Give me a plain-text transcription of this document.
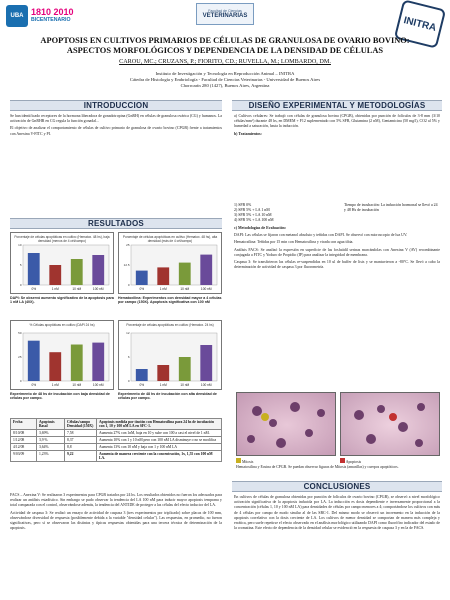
UBA 1810 2010
BICENTENARIO
Facultad de Ciencias
VETERINARIAS	INITRA
APOPTOSIS EN CULTIVOS PRIMARIOS DE CÉLULAS DE GRANULOSA DE OVARIO BOVINO: ASPECTOS MORFOLÓGICOS Y DEPENDENCIA DE LA DENSIDAD DE CÉLULAS
CAROU, MC.; CRUZANS, P.; FIORITO, CD.; RUVELLA, M.; LOMBARDO, DM.
Instituto de Investigación y Tecnología en Reproducción Animal – INITRA
Cátedra de Histología y Embriología - Facultad de Ciencias Veterinarias - Universidad de Buenos Aires
Chorroarín 280 (1427), Buenos Aires, Argentina
INTRODUCCION	DISEÑO EXPERIMENTAL Y METODOLOGÍAS
RESULTADOS
CONCLUSIONES

Se han identificado receptores de la hormona liberadora de gonadotropina (GnRH) en células de granulosa ovárica (CG) y humanos. La activación de GnRHR en CG regula la función gonadal...

El objetivo de analizar el comportamiento de células de cultivo primario de granulosa de ovario bovino (CPGB) frente a tratamientos con Anexina V-FITC y PI.

a) Cultivos celulares: Se trabajó con células de granulosa bovina (CPGB), obtenidas por punción de folículos de 3-8 mm (3/10 células/mm²) durante 48 hs, en DMEM + F12 suplementado con 5% SFB, Glutamina (2 nM), Gentamicina (50 mg/l), CO2 al 5% y humedad a saturación, hasta la inducción.

b) Tratamientos:

1) SFB 0%
2) SFB 5% + LA 1 nM
3) SFB 5% + LA 10 nM
4) SFB 5% + LA 100 nM
Tiempo de incubación: La inducción hormonal se llevó a 24 y 48 Hs de incubación

c) Metodologías de Evaluación:

DAPI: Las células se fijaron con metanol absoluto y teñidas con DAPI. Se observó con microscopio de luz UV.

Hematoxilina: Teñidas por 15 min con Hematoxilina y virada con agua tibia.

Análisis FACS: Se analizó la expresión en superficie de las fosfatidil serinas marcándolas con Anexina V (AV) recombinante conjugada a FITC y Yoduro de Propidio (IP) para analizar la integridad de membrana.

Caspasa 3: Se transfirieron las células re-suspendidas en 10 ul de buffer de lisis y se mantuvieron a -80°C. Se llevó a cabo la determinación de actividad de caspasa 3 por fluorometría.

Mitosis	Apoptosis
Hematoxilina y Eosina de CPGB. Se puedan observar figuras de Mitosis (amarillas) y cuerpos apoptóticos.
Porcentaje de células apoptóticas en cultivo (Hematox. 48 hs), baja densidad (menos de 4 cél/campo)
0
5
10
0%	1 nM	10 nM	100 nM
Porcentaje de células apoptóticas en cultivo (Hematox. 48 hs), alta densidad (más de 4 cél/campo)
0
12.5
25
0%	1 nM	10 nM	100 nM
DAPI: Se observó aumento significativo de la apoptosis para 1 nM LA (40X).
Hematoxilina: Experimentos con densidad mayor a 4 células por campo (150X). Apoptosis significativa con 100 nM
% Células apoptóticas en cultivo (DAPI 24 hs)
0
25
50
0%	1 nM	10 nM	100 nM
Porcentaje de células apoptóticas en cultivo (Hematox. 24 hs)
0
6
12
0%	1 nM	10 nM	100 nM
Experimento de 48 hs de incubación con baja densidad de células por campo.
Experimento de 48 hs de incubación con alta densidad de células por campo.
Fecha	Apoptosis Basal	Células/campo Densidad (150X)	Apoptosis medida por tinción con Hematoxilina para 24 hs de incubación con 1, 10 y 100 nM LA en SFC-1.
8/10/08	3,69%	7,58	Aumenta 27% con 1nM, baja en 10 y sube con 100 a casi el nivel de 1 nM.
1/12/08	3,9 %	8,37	Aumenta 10% con 1 y 10 nM pero con 100 nM LA disminuye o no se modifica
4/12/08	3,64%	8,8	Aumenta 13% con 10 nM y baja con 1 y 100 nM LA
9/03/09	1,23%	9,22	Aumenta de manera creciente con la concentración, 1x, 1,55 con 100 nM LA.

FACS – Anexina V: Se realizaron 3 experimentos para CPGB tratados por 24 hs. Los resultados obtenidos no fueron los adecuados para realizar un análisis estadístico. Sin embargo se pudo observar la tendencia del LA 100 nM para inducir mayor apoptosis temprana y total comparada con el control, observándose además, la tendencia del ANTIDE de proteger a las células del efecto inductor del LA.

Actividad de caspasa 3: Se realizó un ensayo de actividad de caspasa 3 (tres experimentos por triplicado) sobre placas de 100 mm, observándose diversidad de respuesta (posiblemente debida a la variable "densidad celular"). Las respuestas, en promedio, no fueron significativas, pero sí se observaron las distintas y típicas respuestas obtenidas para una tercera técnica de determinación de la apoptosis.

En cultivos de células de granulosa obtenidas por punción de folículos de ovario bovino (CPGB), se observó a nivel morfológico activación significativa de la apoptosis inducida por LA. La inducción es dosis dependiente e inversamente proporcional a la concentración (células 1, 10 y 100 nM LA) para densidades de células por campo menores a 4; comportándose los cultivos con más de 4 células por campo de modo similar al de las SBC-1. Del mismo modo se observó un incremento en la inducción de la apoptosis correlativo con la dosis creciente de LA. Los cultivos de menor densidad se comportan de manera más compleja y errática, pero suele repetirse el efecto observado en el análisis morfológico utilizando DAPI como fluorófiro indicador del estado de la cromatina. Este efecto de dependencia de la densidad celular se evidenció en la respuesta de caspasa 3 y en la de FACS.
